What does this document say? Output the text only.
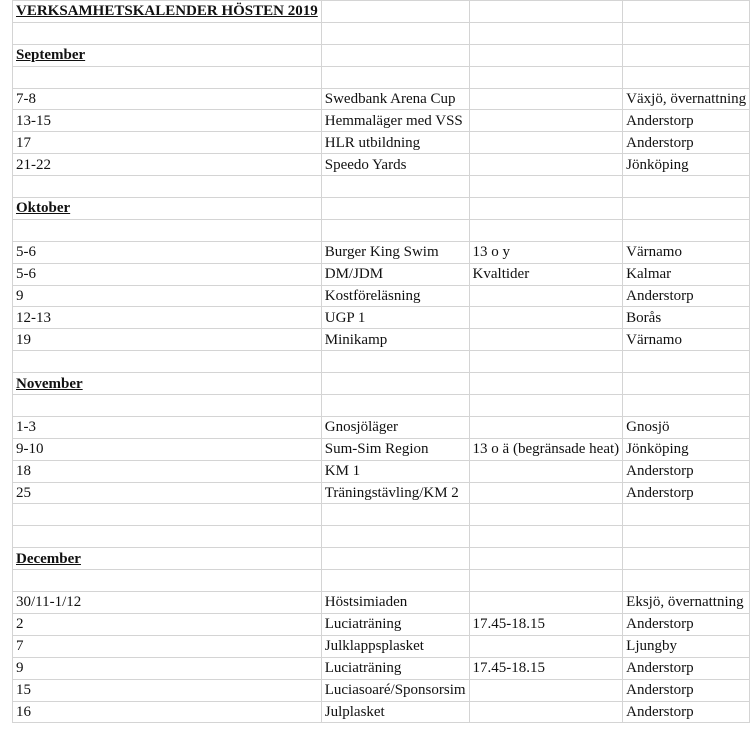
VERKSAMHETSKALENDER HÖSTEN 2019			

September			

7-8	Swedbank Arena Cup		Växjö, övernattning
13-15	Hemmaläger med VSS		Anderstorp
17	HLR utbildning		Anderstorp
21-22	Speedo Yards		Jönköping

Oktober			

5-6	Burger King Swim	13 o y	Värnamo
5-6	DM/JDM	Kvaltider	Kalmar
9	Kostföreläsning		Anderstorp
12-13	UGP 1		Borås
19	Minikamp		Värnamo

November			

1-3	Gnosjöläger		Gnosjö
9-10	Sum-Sim Region	13 o ä (begränsade heat)	Jönköping
18	KM 1		Anderstorp
25	Träningstävling/KM 2		Anderstorp

December			

30/11-1/12	Höstsimiaden		Eksjö, övernattning
2	Luciaträning	17.45-18.15	Anderstorp
7	Julklappsplasket		Ljungby
9	Luciaträning	17.45-18.15	Anderstorp
15	Luciasoaré/Sponsorsim		Anderstorp
16	Julplasket		Anderstorp
